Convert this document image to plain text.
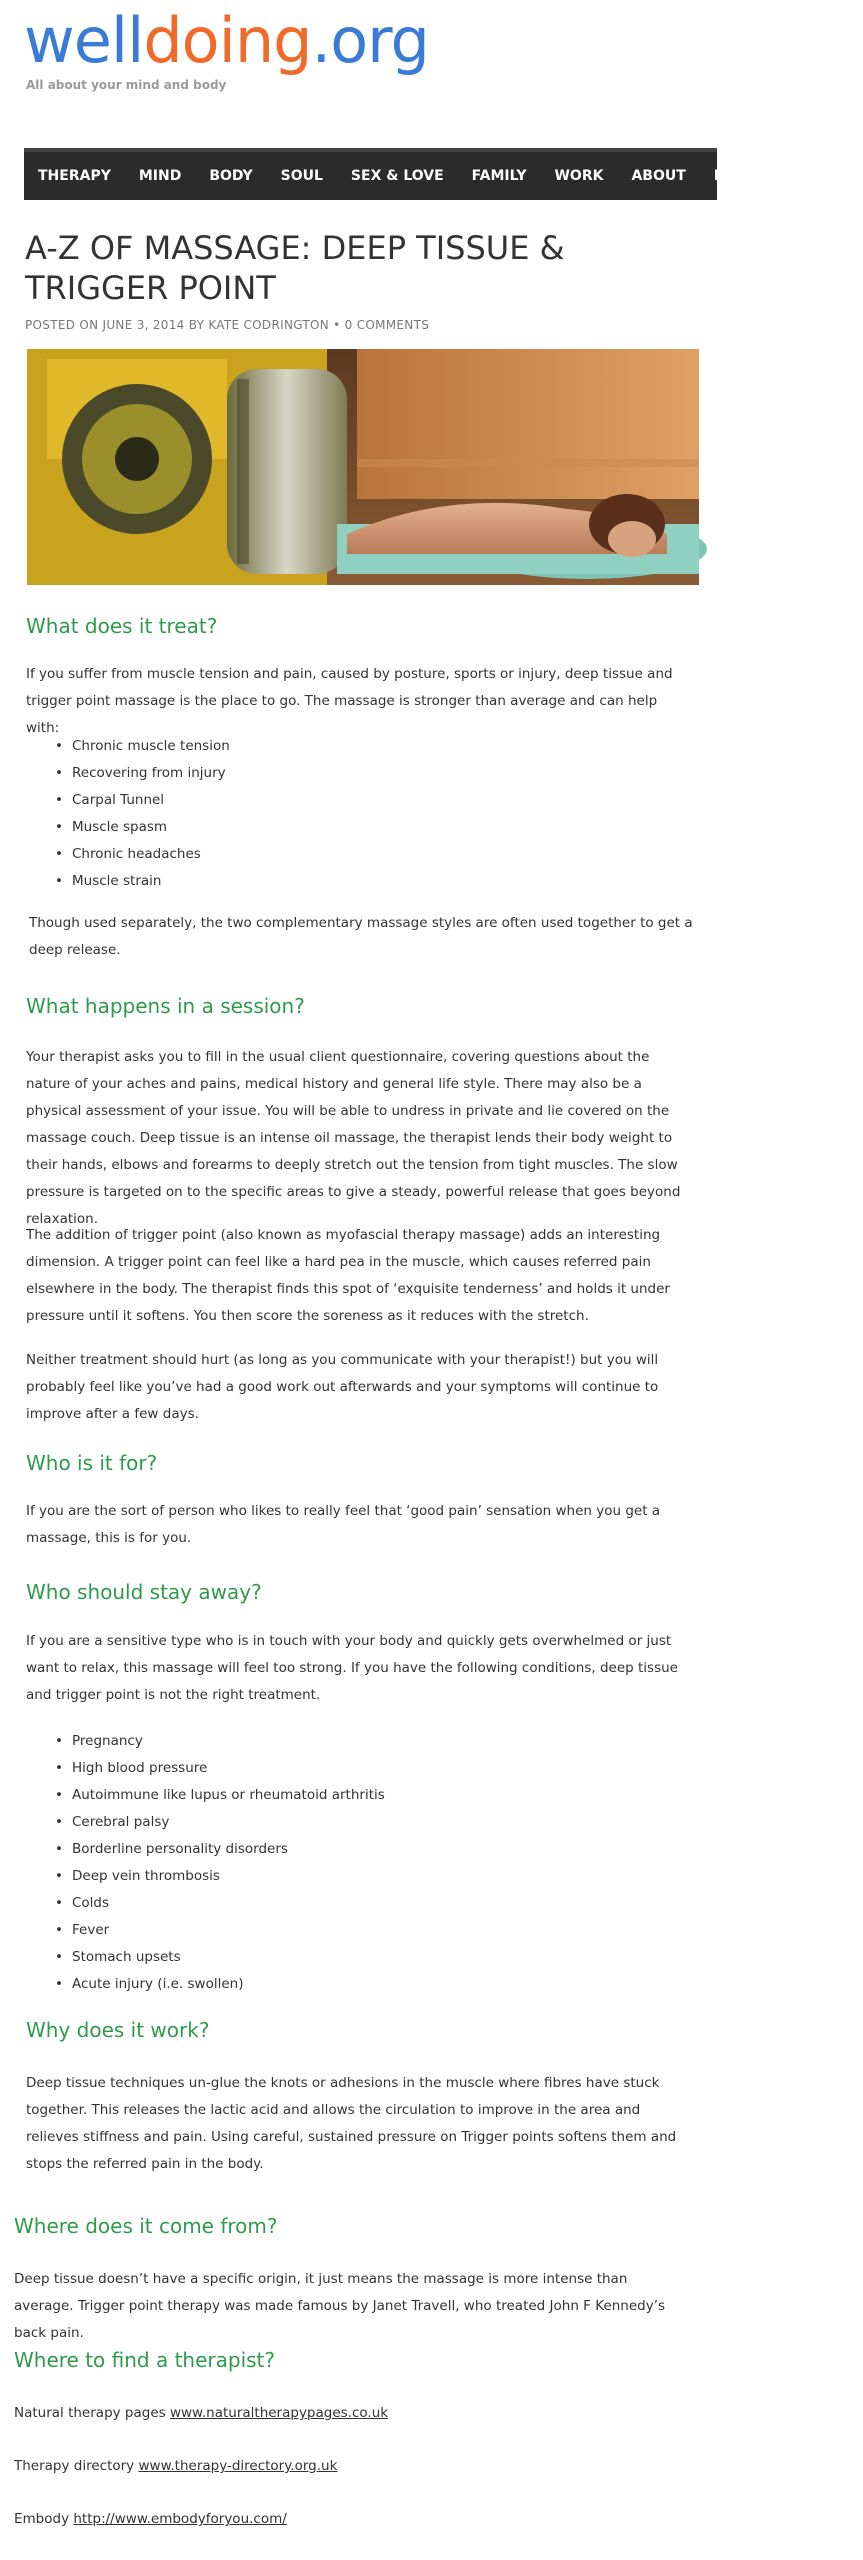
welldoing.org
All about your mind and body
THERAPY MIND BODY SOUL SEX & LOVE FAMILY WORK ABOUT FOR THERAPISTS
A-Z OF MASSAGE: DEEP TISSUE & TRIGGER POINT
POSTED ON JUNE 3, 2014 BY KATE CODRINGTON • 0 COMMENTS
What does it treat?

If you suffer from muscle tension and pain, caused by posture, sports or injury, deep tissue and trigger point massage is the place to go. The massage is stronger than average and can help with:

• Chronic muscle tension
• Recovering from injury
• Carpal Tunnel
• Muscle spasm
• Chronic headaches
• Muscle strain

Though used separately, the two complementary massage styles are often used together to get a deep release.

What happens in a session?

Your therapist asks you to fill in the usual client questionnaire, covering questions about the nature of your aches and pains, medical history and general life style. There may also be a physical assessment of your issue. You will be able to undress in private and lie covered on the massage couch. Deep tissue is an intense oil massage, the therapist lends their body weight to their hands, elbows and forearms to deeply stretch out the tension from tight muscles. The slow pressure is targeted on to the specific areas to give a steady, powerful release that goes beyond relaxation.

The addition of trigger point (also known as myofascial therapy massage) adds an interesting dimension. A trigger point can feel like a hard pea in the muscle, which causes referred pain elsewhere in the body. The therapist finds this spot of ‘exquisite tenderness’ and holds it under pressure until it softens. You then score the soreness as it reduces with the stretch.

Neither treatment should hurt (as long as you communicate with your therapist!) but you will probably feel like you’ve had a good work out afterwards and your symptoms will continue to improve after a few days.

Who is it for?

If you are the sort of person who likes to really feel that ‘good pain’ sensation when you get a massage, this is for you.

Who should stay away?

If you are a sensitive type who is in touch with your body and quickly gets overwhelmed or just want to relax, this massage will feel too strong. If you have the following conditions, deep tissue and trigger point is not the right treatment.

• Pregnancy
• High blood pressure
• Autoimmune like lupus or rheumatoid arthritis
• Cerebral palsy
• Borderline personality disorders
• Deep vein thrombosis
• Colds
• Fever
• Stomach upsets
• Acute injury (i.e. swollen)
Why does it work?

Deep tissue techniques un-glue the knots or adhesions in the muscle where fibres have stuck together. This releases the lactic acid and allows the circulation to improve in the area and relieves stiffness and pain. Using careful, sustained pressure on Trigger points softens them and stops the referred pain in the body.

Where does it come from?

Deep tissue doesn’t have a specific origin, it just means the massage is more intense than average. Trigger point therapy was made famous by Janet Travell, who treated John F Kennedy’s back pain.

Where to find a therapist?

Natural therapy pages www.naturaltherapypages.co.uk

Therapy directory www.therapy-directory.org.uk

Embody http://www.embodyforyou.com/
